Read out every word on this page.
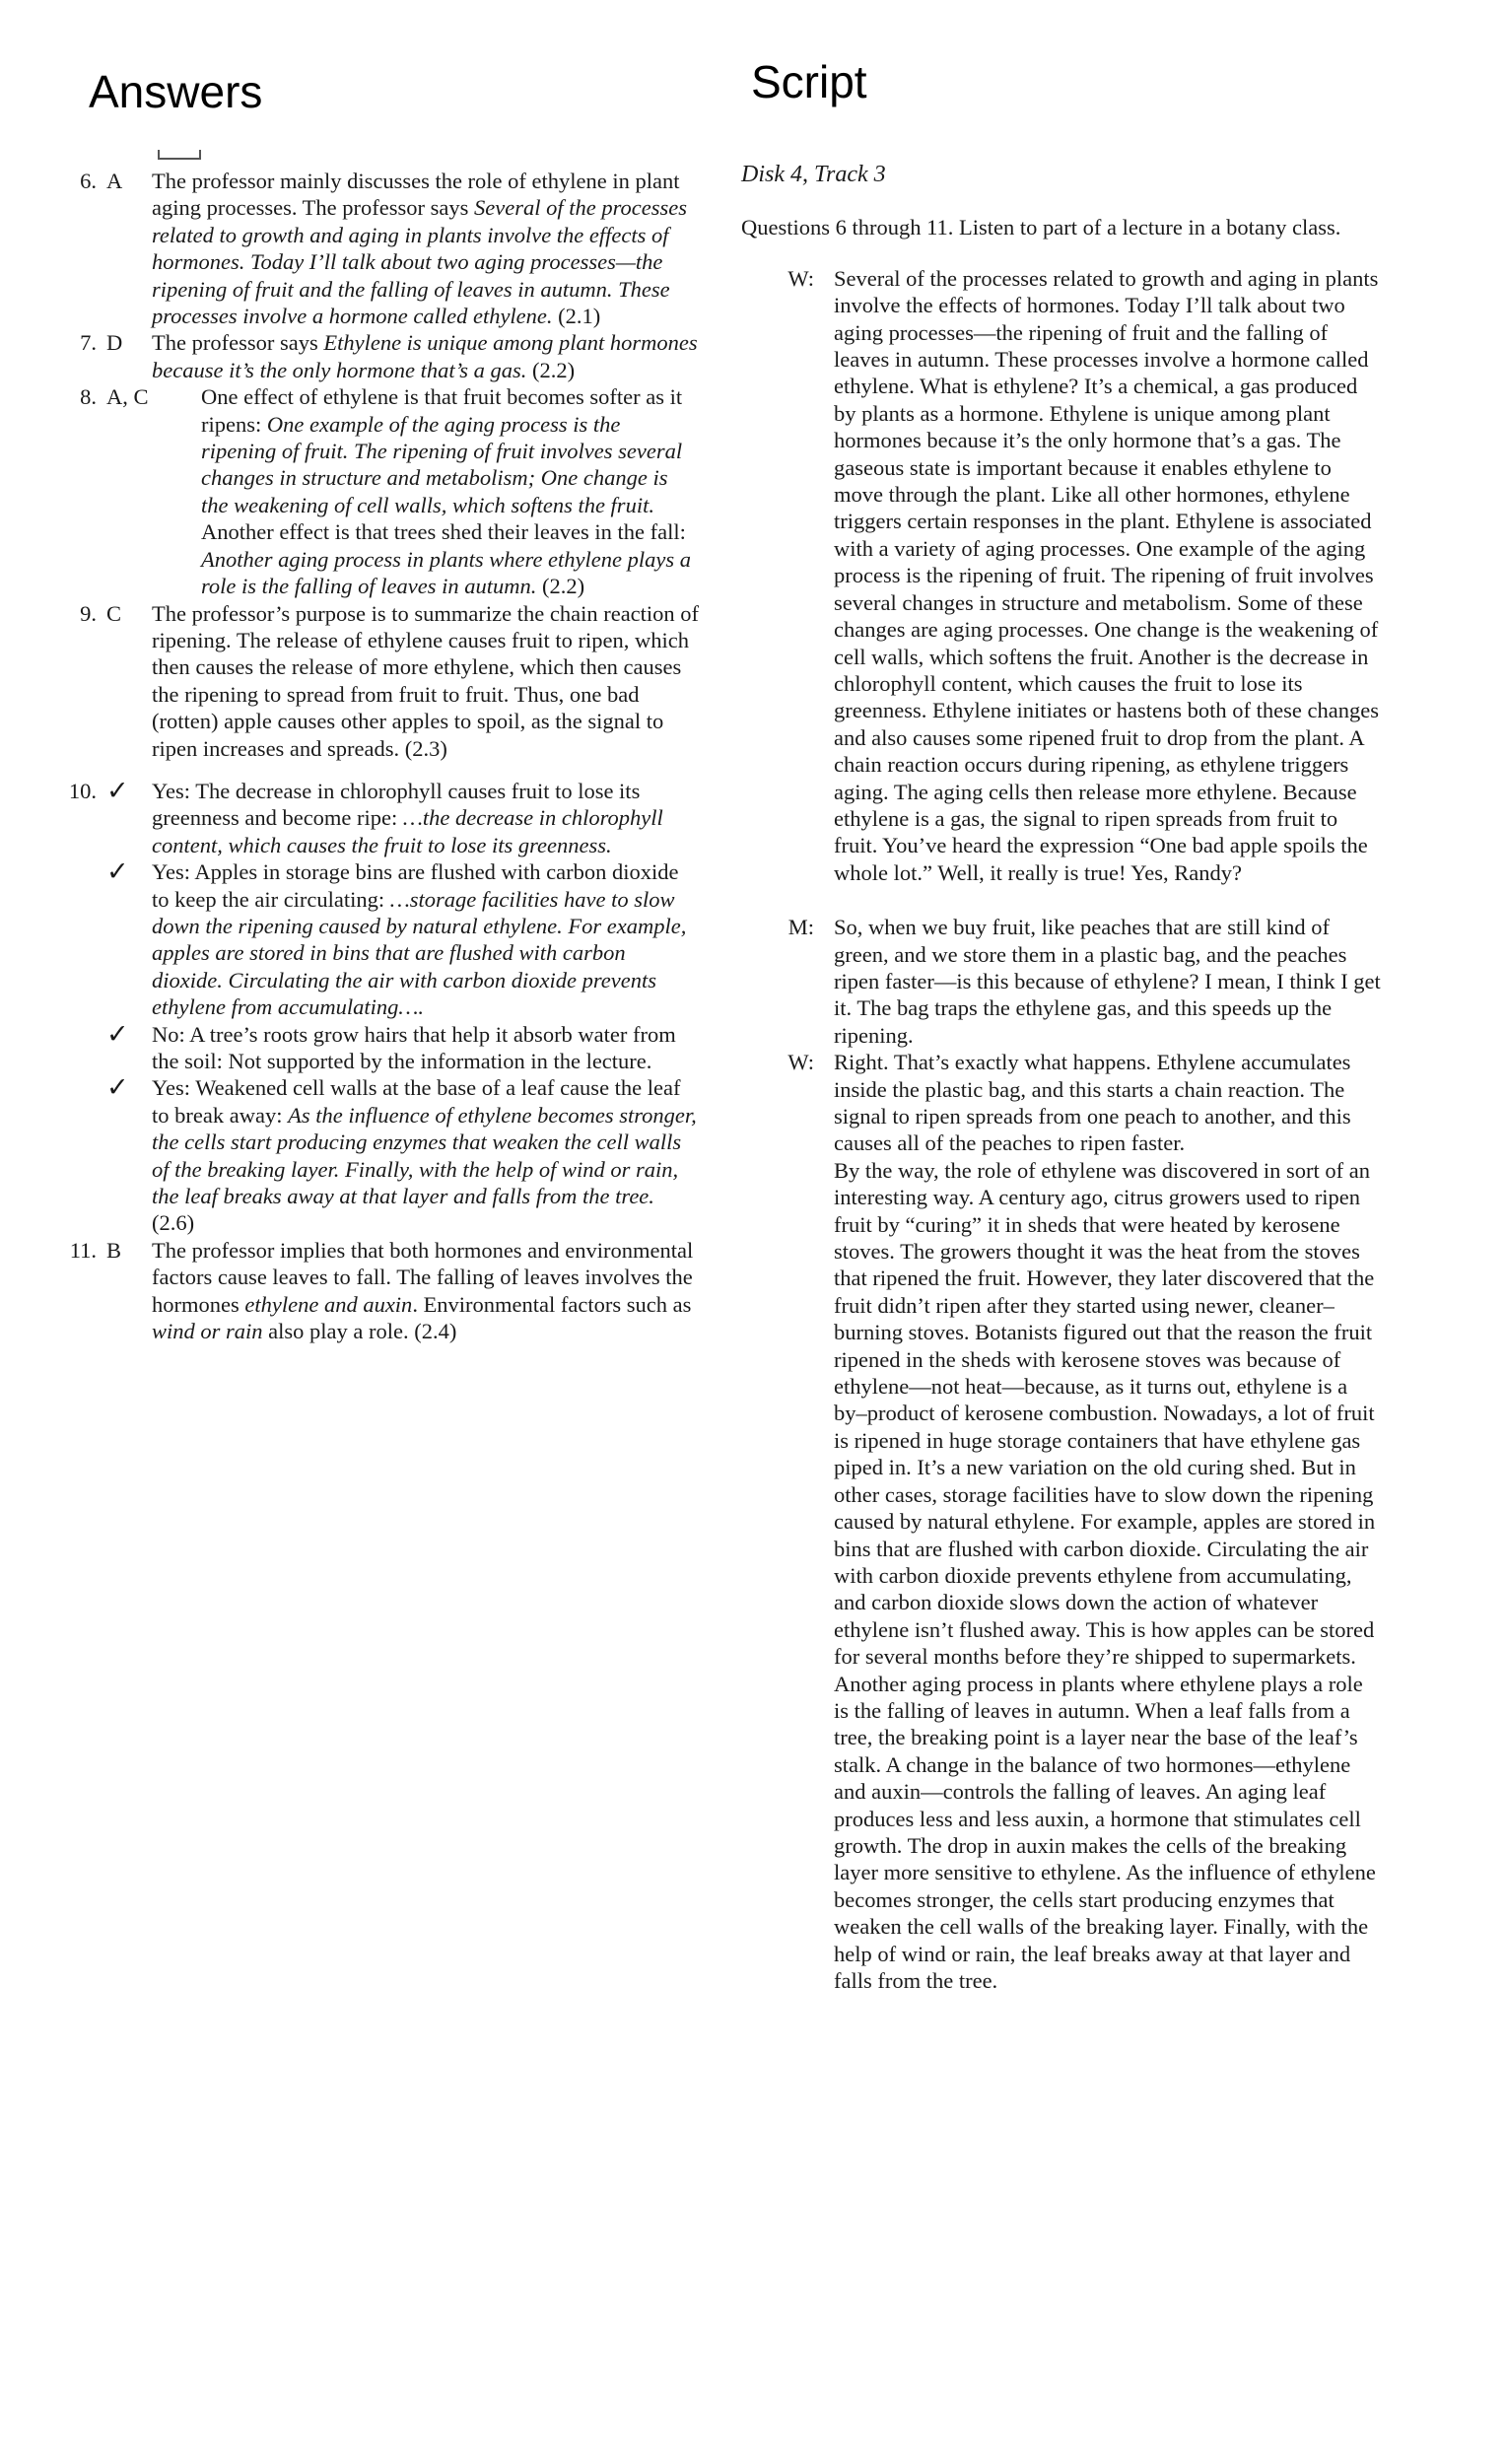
Answers	Script
6. A	The professor mainly discusses the role of ethylene in plant aging processes. The professor says Several of the processes related to growth and aging in plants involve the effects of hormones. Today I’ll talk about two aging processes—the ripening of fruit and the falling of leaves in autumn. These processes involve a hormone called ethylene. (2.1)
7. D	The professor says Ethylene is unique among plant hormones because it’s the only hormone that’s a gas. (2.2)
8. A, C	One effect of ethylene is that fruit becomes softer as it ripens: One example of the aging process is the ripening of fruit. The ripening of fruit involves several changes in structure and metabolism; One change is the weakening of cell walls, which softens the fruit. Another effect is that trees shed their leaves in the fall: Another aging process in plants where ethylene plays a role is the falling of leaves in autumn. (2.2)
9. C	The professor’s purpose is to summarize the chain reaction of ripening. The release of ethylene causes fruit to ripen, which then causes the release of more ethylene, which then causes the ripening to spread from fruit to fruit. Thus, one bad (rotten) apple causes other apples to spoil, as the signal to ripen increases and spreads. (2.3)
10. ✓	Yes: The decrease in chlorophyll causes fruit to lose its greenness and become ripe: …the decrease in chlorophyll content, which causes the fruit to lose its greenness.
✓	Yes: Apples in storage bins are flushed with carbon dioxide to keep the air circulating: …storage facilities have to slow down the ripening caused by natural ethylene. For example, apples are stored in bins that are flushed with carbon dioxide. Circulating the air with carbon dioxide prevents ethylene from accumulating….
✓	No: A tree’s roots grow hairs that help it absorb water from the soil: Not supported by the information in the lecture.
✓	Yes: Weakened cell walls at the base of a leaf cause the leaf to break away: As the influence of ethylene becomes stronger, the cells start producing enzymes that weaken the cell walls of the breaking layer. Finally, with the help of wind or rain, the leaf breaks away at that layer and falls from the tree. (2.6)
11. B	The professor implies that both hormones and environmental factors cause leaves to fall. The falling of leaves involves the hormones ethylene and auxin. Environmental factors such as wind or rain also play a role. (2.4)
Disk 4, Track 3
Questions 6 through 11. Listen to part of a lecture in a botany class.
W: Several of the processes related to growth and aging in plants involve the effects of hormones. Today I’ll talk about two aging processes—the ripening of fruit and the falling of leaves in autumn. These processes involve a hormone called ethylene. What is ethylene? It’s a chemical, a gas produced by plants as a hormone. Ethylene is unique among plant hormones because it’s the only hormone that’s a gas. The gaseous state is important because it enables ethylene to move through the plant. Like all other hormones, ethylene triggers certain responses in the plant. Ethylene is associated with a variety of aging processes. One example of the aging process is the ripening of fruit. The ripening of fruit involves several changes in structure and metabolism. Some of these changes are aging processes. One change is the weakening of cell walls, which softens the fruit. Another is the decrease in chlorophyll content, which causes the fruit to lose its greenness. Ethylene initiates or hastens both of these changes and also causes some ripened fruit to drop from the plant. A chain reaction occurs during ripening, as ethylene triggers aging. The aging cells then release more ethylene. Because ethylene is a gas, the signal to ripen spreads from fruit to fruit. You’ve heard the expression “One bad apple spoils the whole lot.” Well, it really is true! Yes, Randy?
M: So, when we buy fruit, like peaches that are still kind of green, and we store them in a plastic bag, and the peaches ripen faster—is this because of ethylene? I mean, I think I get it. The bag traps the ethylene gas, and this speeds up the ripening.
W: Right. That’s exactly what happens. Ethylene accumulates inside the plastic bag, and this starts a chain reaction. The signal to ripen spreads from one peach to another, and this causes all of the peaches to ripen faster.

By the way, the role of ethylene was discovered in sort of an interesting way. A century ago, citrus growers used to ripen fruit by “curing” it in sheds that were heated by kerosene stoves. The growers thought it was the heat from the stoves that ripened the fruit. However, they later discovered that the fruit didn’t ripen after they started using newer, cleaner–burning stoves. Botanists figured out that the reason the fruit ripened in the sheds with kerosene stoves was because of ethylene—not heat—because, as it turns out, ethylene is a by–product of kerosene combustion. Nowadays, a lot of fruit is ripened in huge storage containers that have ethylene gas piped in. It’s a new variation on the old curing shed. But in other cases, storage facilities have to slow down the ripening caused by natural ethylene. For example, apples are stored in bins that are flushed with carbon dioxide. Circulating the air with carbon dioxide prevents ethylene from accumulating, and carbon dioxide slows down the action of whatever ethylene isn’t flushed away. This is how apples can be stored for several months before they’re shipped to supermarkets.

Another aging process in plants where ethylene plays a role is the falling of leaves in autumn. When a leaf falls from a tree, the breaking point is a layer near the base of the leaf’s stalk. A change in the balance of two hormones—ethylene and auxin—controls the falling of leaves. An aging leaf produces less and less auxin, a hormone that stimulates cell growth. The drop in auxin makes the cells of the breaking layer more sensitive to ethylene. As the influence of ethylene becomes stronger, the cells start producing enzymes that weaken the cell walls of the breaking layer. Finally, with the help of wind or rain, the leaf breaks away at that layer and falls from the tree.
